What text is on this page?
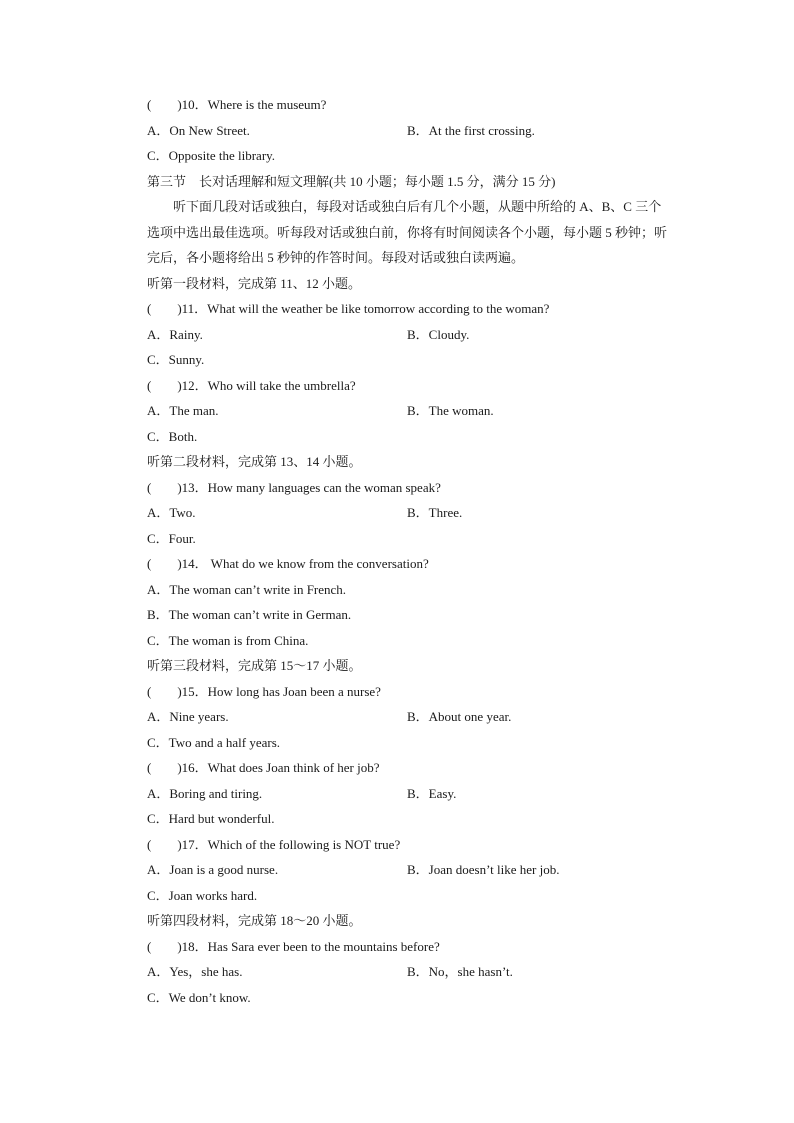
(　　)10．Where is the museum?
A．On New Street.	B．At the first crossing.
C．Opposite the library.
第三节　长对话理解和短文理解(共 10 小题；每小题 1.5 分，满分 15 分)
　　听下面几段对话或独白，每段对话或独白后有几个小题，从题中所给的 A、B、C 三个
选项中选出最佳选项。听每段对话或独白前，你将有时间阅读各个小题，每小题 5 秒钟；听
完后，各小题将给出 5 秒钟的作答时间。每段对话或独白读两遍。
听第一段材料，完成第 11、12 小题。
(　　)11．What will the weather be like tomorrow according to the woman?
A．Rainy.	B．Cloudy.
C．Sunny.
(　　)12．Who will take the umbrella?
A．The man.	B．The woman.
C．Both.
听第二段材料，完成第 13、14 小题。
(　　)13．How many languages can the woman speak?
A．Two.	B．Three.
C．Four.
(　　)14． What do we know from the conversation?
A．The woman can’t write in French.
B．The woman can’t write in German.
C．The woman is from China.
听第三段材料，完成第 15～17 小题。
(　　)15．How long has Joan been a nurse?
A．Nine years.	B．About one year.
C．Two and a half years.
(　　)16．What does Joan think of her job?
A．Boring and tiring.	B．Easy.
C．Hard but wonderful.
(　　)17．Which of the following is NOT true?
A．Joan is a good nurse.	B．Joan doesn’t like her job.
C．Joan works hard.
听第四段材料，完成第 18～20 小题。
(　　)18．Has Sara ever been to the mountains before?
A．Yes，she has.	B．No，she hasn’t.
C．We don’t know.
